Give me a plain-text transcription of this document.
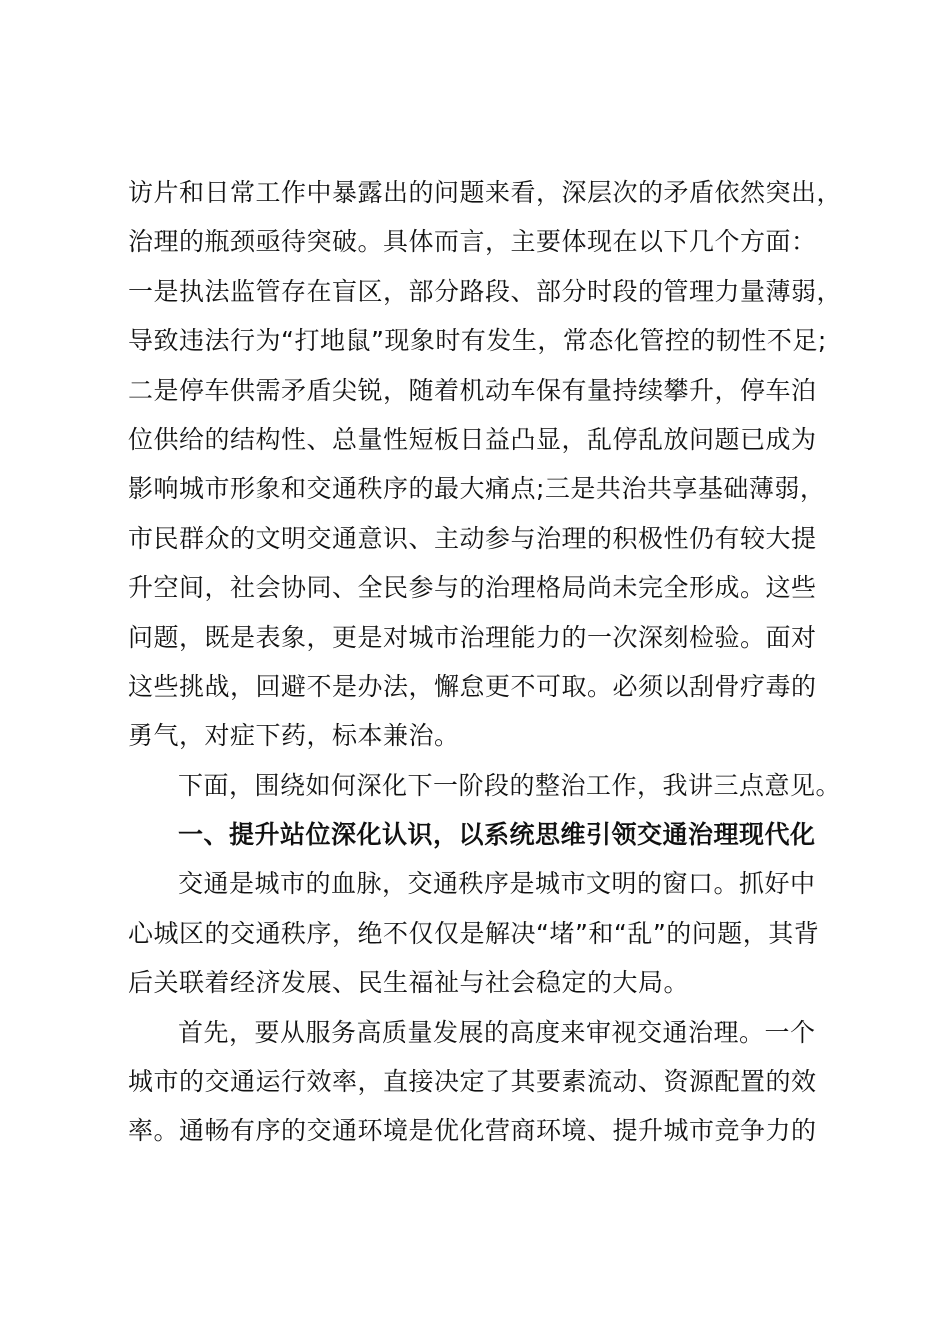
访片和日常工作中暴露出的问题来看，深层次的矛盾依然突出，
治理的瓶颈亟待突破。具体而言，主要体现在以下几个方面：
一是执法监管存在盲区，部分路段、部分时段的管理力量薄弱，
导致违法行为“打地鼠”现象时有发生，常态化管控的韧性不足;
二是停车供需矛盾尖锐，随着机动车保有量持续攀升，停车泊
位供给的结构性、总量性短板日益凸显，乱停乱放问题已成为
影响城市形象和交通秩序的最大痛点;三是共治共享基础薄弱，
市民群众的文明交通意识、主动参与治理的积极性仍有较大提
升空间，社会协同、全民参与的治理格局尚未完全形成。这些
问题，既是表象，更是对城市治理能力的一次深刻检验。面对
这些挑战，回避不是办法，懈怠更不可取。必须以刮骨疗毒的
勇气，对症下药，标本兼治。
下面，围绕如何深化下一阶段的整治工作，我讲三点意见。
一、提升站位深化认识，以系统思维引领交通治理现代化
交通是城市的血脉，交通秩序是城市文明的窗口。抓好中
心城区的交通秩序，绝不仅仅是解决“堵”和“乱”的问题，其背
后关联着经济发展、民生福祉与社会稳定的大局。
首先，要从服务高质量发展的高度来审视交通治理。一个
城市的交通运行效率，直接决定了其要素流动、资源配置的效
率。通畅有序的交通环境是优化营商环境、提升城市竞争力的
